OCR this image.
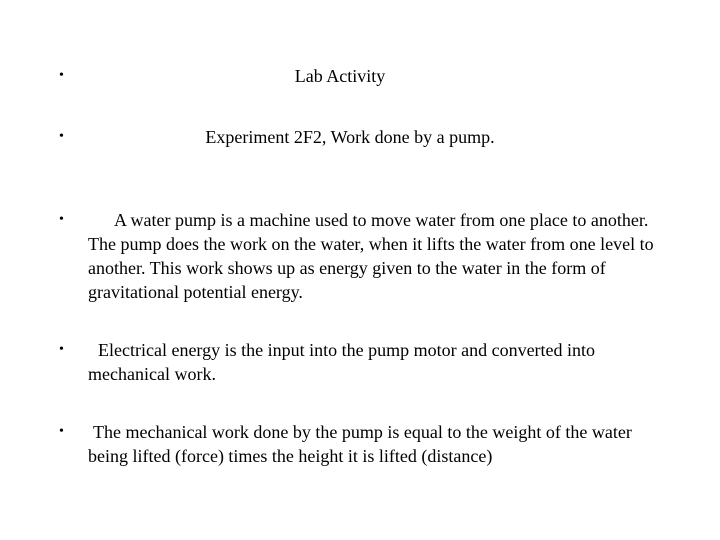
•	Lab Activity
•	Experiment 2F2, Work done by a pump.
•	A water pump is a machine used to move water from one place to another. The pump does the work on the water, when it lifts the water from one level to another. This work shows up as energy given to the water in the form of gravitational potential energy.
•	Electrical energy is the input into the pump motor and converted into mechanical work.
• The mechanical work done by the pump is equal to the weight of the water being lifted (force) times the height it is lifted (distance)
